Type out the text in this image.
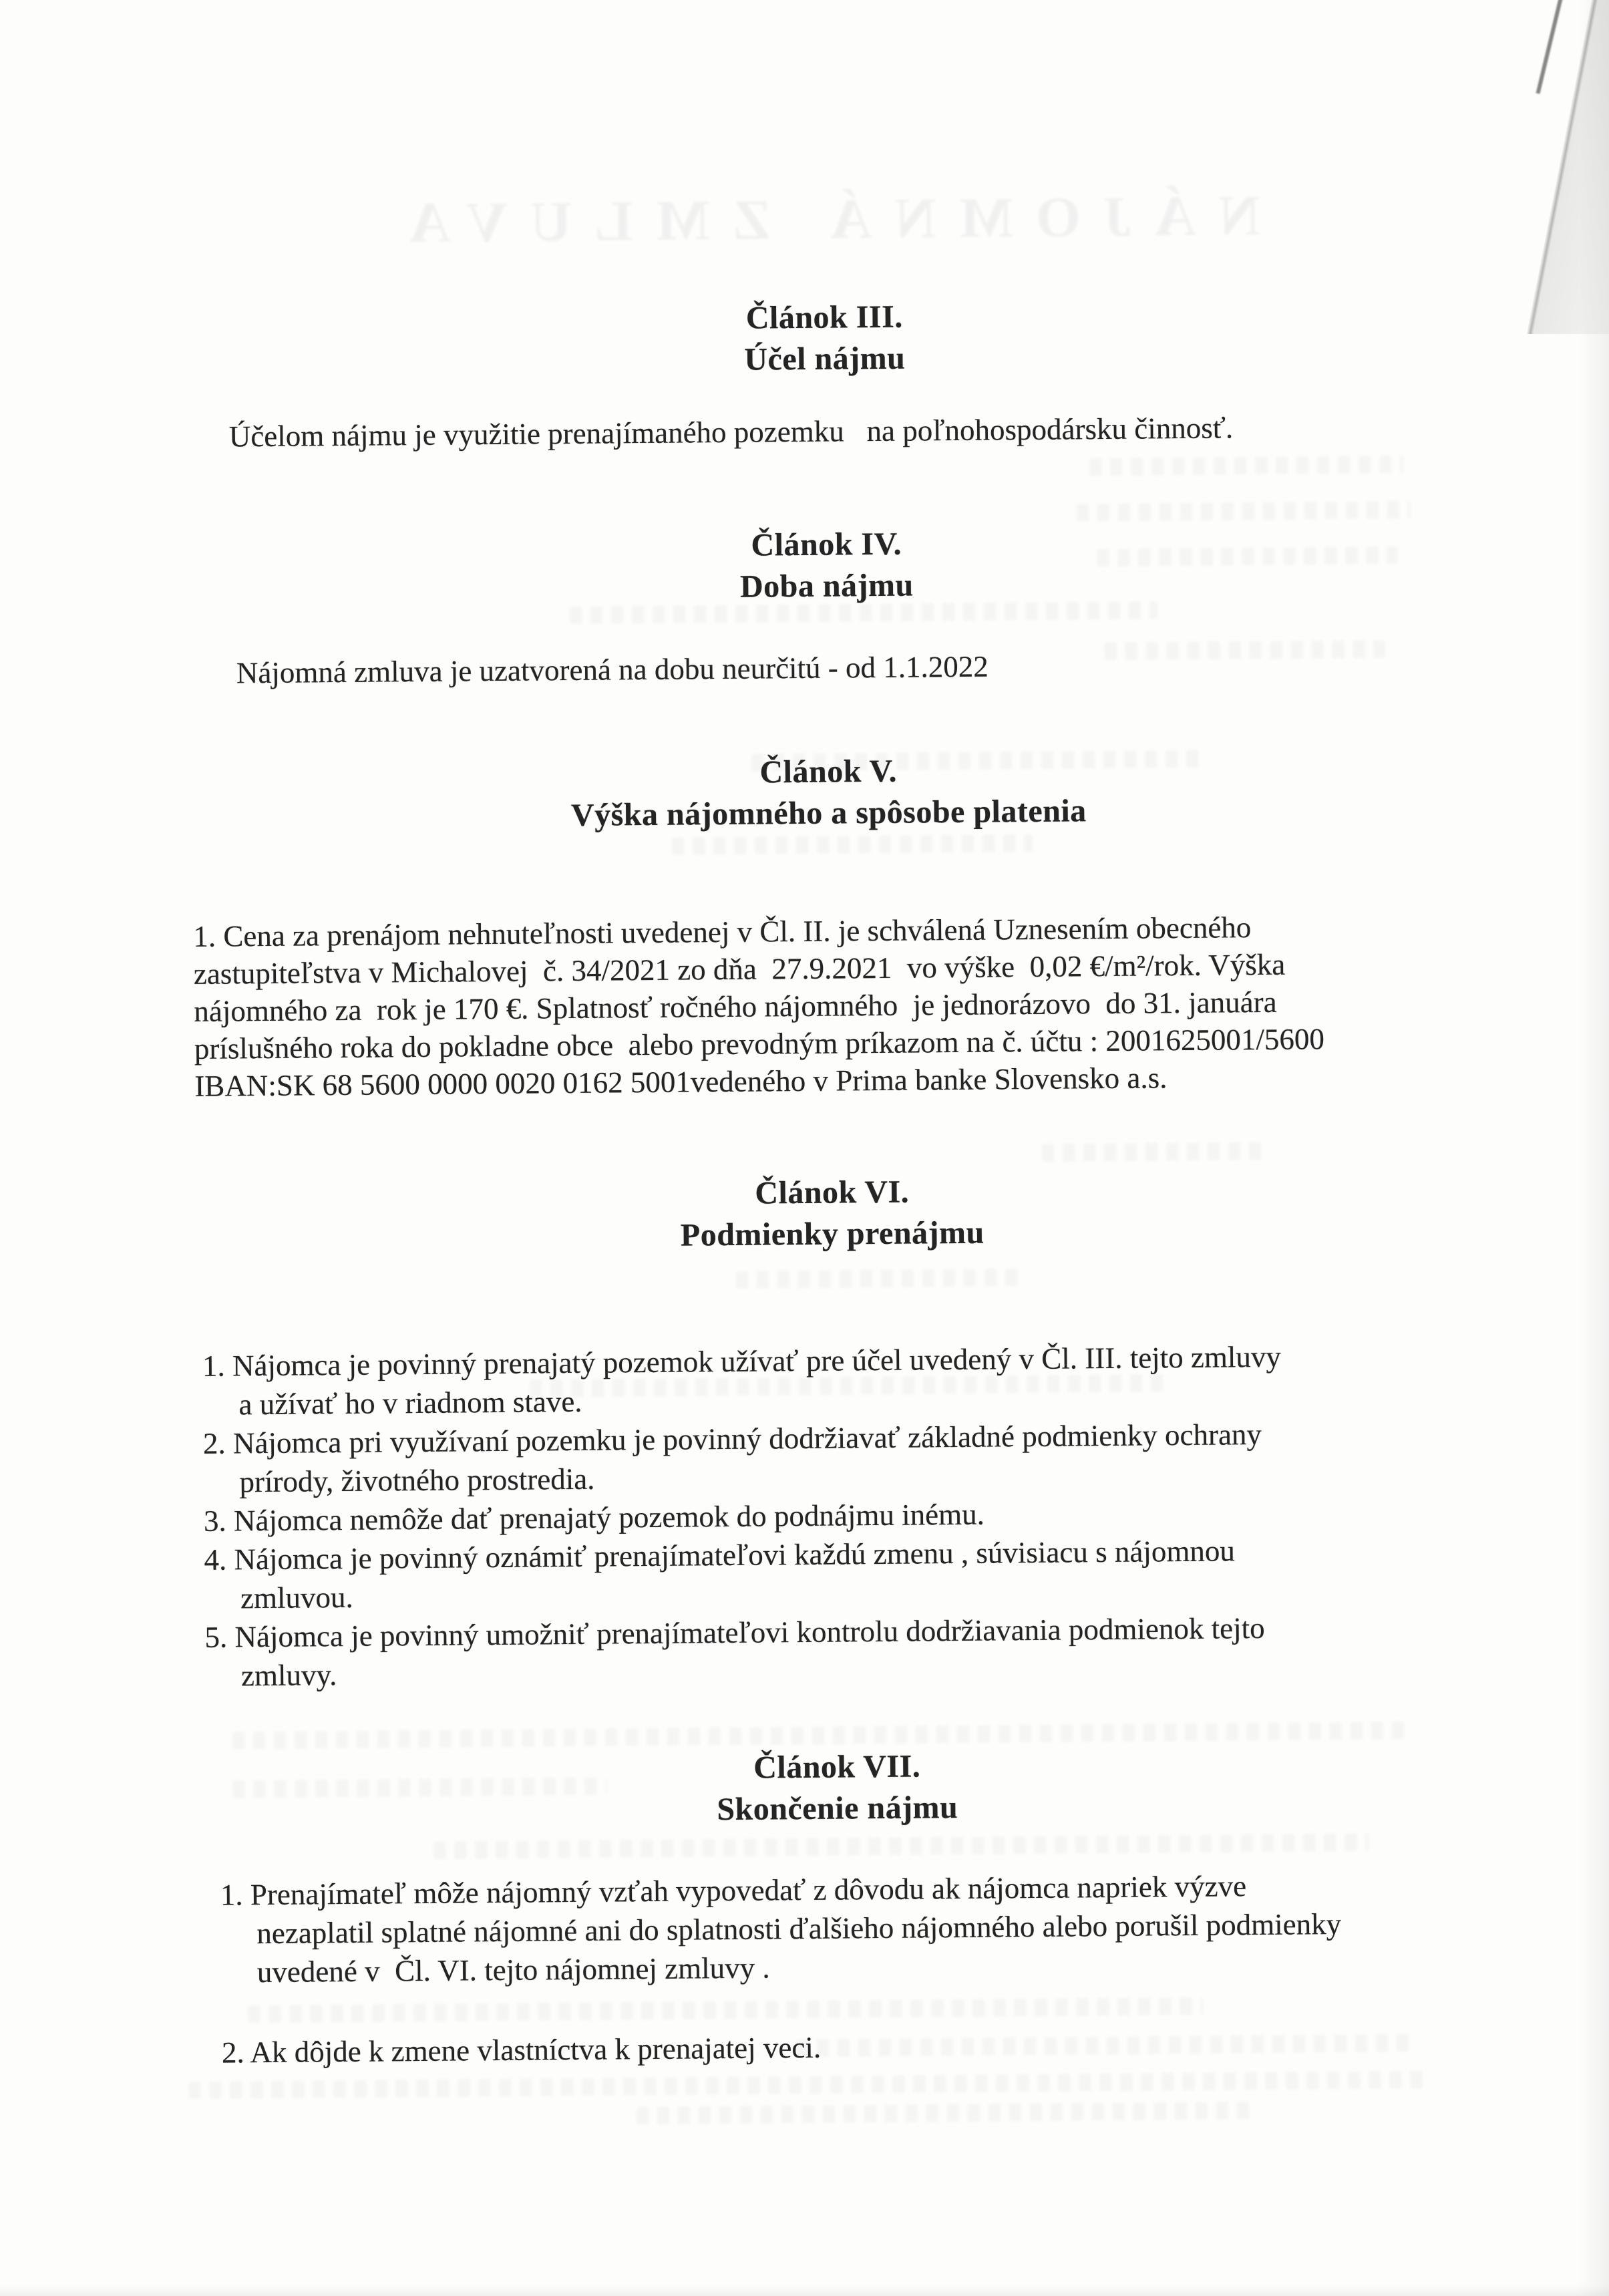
NÁJOMNÁ ZMLUVA
Článok III.
Účel nájmu

Účelom nájmu je využitie prenajímaného pozemku   na poľnohospodársku činnosť.

Článok IV.
Doba nájmu

Nájomná zmluva je uzatvorená na dobu neurčitú - od 1.1.2022

Článok V.
Výška nájomného a spôsobe platenia

1. Cena za prenájom nehnuteľnosti uvedenej v Čl. II. je schválená Uznesením obecného
zastupiteľstva v Michalovej  č. 34/2021 zo dňa  27.9.2021  vo výške  0,02 €/m²/rok. Výška
nájomného za  rok je 170 €. Splatnosť ročného nájomného  je jednorázovo  do 31. januára
príslušného roka do pokladne obce  alebo prevodným príkazom na č. účtu : 2001625001/5600
IBAN:SK 68 5600 0000 0020 0162 5001vedeného v Prima banke Slovensko a.s.

Článok VI.
Podmienky prenájmu
1. Nájomca je povinný prenajatý pozemok užívať pre účel uvedený v Čl. III. tejto zmluvy
a užívať ho v riadnom stave.
2. Nájomca pri využívaní pozemku je povinný dodržiavať základné podmienky ochrany
prírody, životného prostredia.
3. Nájomca nemôže dať prenajatý pozemok do podnájmu inému.
4. Nájomca je povinný oznámiť prenajímateľovi každú zmenu , súvisiacu s nájomnou
zmluvou.
5. Nájomca je povinný umožniť prenajímateľovi kontrolu dodržiavania podmienok tejto
zmluvy.
Článok VII.
Skončenie nájmu
1. Prenajímateľ môže nájomný vzťah vypovedať z dôvodu ak nájomca napriek výzve
nezaplatil splatné nájomné ani do splatnosti ďalšieho nájomného alebo porušil podmienky
uvedené v  Čl. VI. tejto nájomnej zmluvy .
2. Ak dôjde k zmene vlastníctva k prenajatej veci.
